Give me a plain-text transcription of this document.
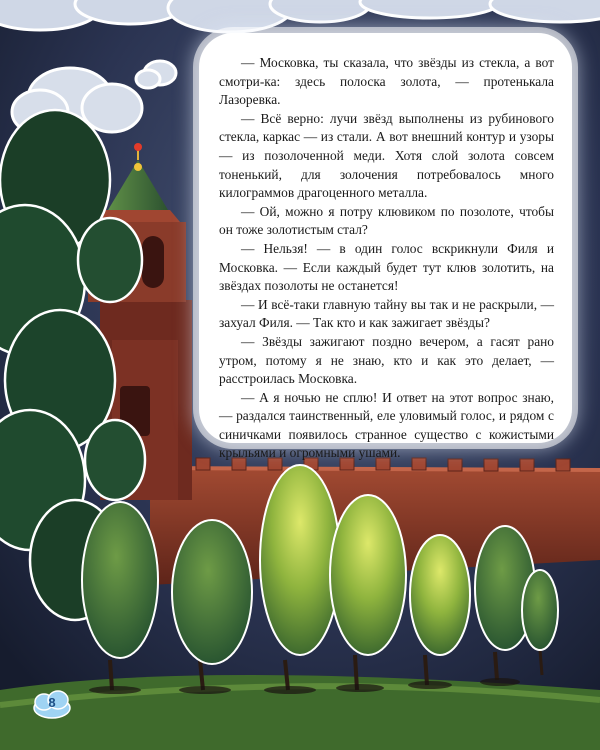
— Московка, ты сказала, что звёзды из стекла, а вот смотри-ка: здесь полоска золота, — протенькала Лазоревка.

— Всё верно: лучи звёзд выполнены из рубинового стекла, каркас — из стали. А вот внешний контур и узоры — из позолоченной меди. Хотя слой золота совсем тоненький, для золочения потребовалось много килограммов драгоценного металла.

— Ой, можно я потру клювиком по позолоте, чтобы он тоже золотистым стал?

— Нельзя! — в один голос вскрикнули Филя и Московка. — Если каждый будет тут клюв золотить, на звёздах позолоты не останется!

— И всё-таки главную тайну вы так и не раскрыли, — захуал Филя. — Так кто и как зажигает звёзды?

— Звёзды зажигают поздно вечером, а гасят рано утром, потому я не знаю, кто и как это делает, — расстроилась Московка.

— А я ночью не сплю! И ответ на этот вопрос знаю, — раздался таинственный, еле уловимый голос, и рядом с синичками появилось странное существо с кожистыми крыльями и огромными ушами.

8
